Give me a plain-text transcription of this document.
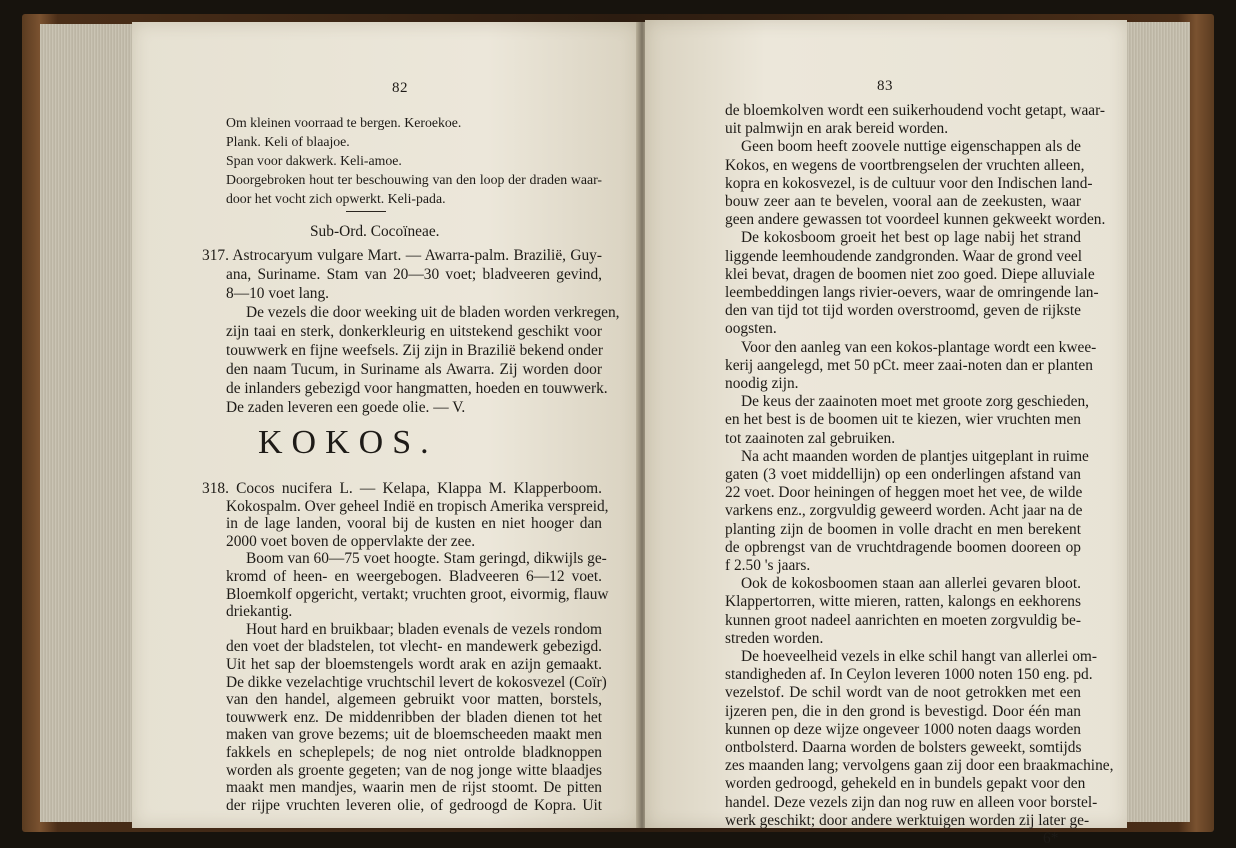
82
Om kleinen voorraad te bergen. Keroekoe.
Plank. Keli of blaajoe.
Span voor dakwerk. Keli-amoe.
Doorgebroken hout ter beschouwing van den loop der draden waar-
door het vocht zich opwerkt. Keli-pada.
Sub-Ord. Cocoïneae.
317. Astrocaryum vulgare Mart. — Awarra-palm. Brazilië, Guy-
ana, Suriname. Stam van 20—30 voet; bladveeren gevind,
8—10 voet lang.
De vezels die door weeking uit de bladen worden verkregen,
zijn taai en sterk, donkerkleurig en uitstekend geschikt voor
touwwerk en fijne weefsels. Zij zijn in Brazilië bekend onder
den naam Tucum, in Suriname als Awarra. Zij worden door
de inlanders gebezigd voor hangmatten, hoeden en touwwerk.
De zaden leveren een goede olie. — V.
KOKOS.
318. Cocos nucifera L. — Kelapa, Klappa M. Klapperboom.
Kokospalm. Over geheel Indië en tropisch Amerika verspreid,
in de lage landen, vooral bij de kusten en niet hooger dan
2000 voet boven de oppervlakte der zee.
Boom van 60—75 voet hoogte. Stam geringd, dikwijls ge-
kromd of heen- en weergebogen. Bladveeren 6—12 voet.
Bloemkolf opgericht, vertakt; vruchten groot, eivormig, flauw
driekantig.
Hout hard en bruikbaar; bladen evenals de vezels rondom
den voet der bladstelen, tot vlecht- en mandewerk gebezigd.
Uit het sap der bloemstengels wordt arak en azijn gemaakt.
De dikke vezelachtige vruchtschil levert de kokosvezel (Coïr)
van den handel, algemeen gebruikt voor matten, borstels,
touwwerk enz. De middenribben der bladen dienen tot het
maken van grove bezems; uit de bloemscheeden maakt men
fakkels en scheplepels; de nog niet ontrolde bladknoppen
worden als groente gegeten; van de nog jonge witte blaadjes
maakt men mandjes, waarin men de rijst stoomt. De pitten
der rijpe vruchten leveren olie, of gedroogd de Kopra. Uit
83
de bloemkolven wordt een suikerhoudend vocht getapt, waar-
uit palmwijn en arak bereid worden.
Geen boom heeft zoovele nuttige eigenschappen als de
Kokos, en wegens de voortbrengselen der vruchten alleen,
kopra en kokosvezel, is de cultuur voor den Indischen land-
bouw zeer aan te bevelen, vooral aan de zeekusten, waar
geen andere gewassen tot voordeel kunnen gekweekt worden.
De kokosboom groeit het best op lage nabij het strand
liggende leemhoudende zandgronden. Waar de grond veel
klei bevat, dragen de boomen niet zoo goed. Diepe alluviale
leembeddingen langs rivier-oevers, waar de omringende lan-
den van tijd tot tijd worden overstroomd, geven de rijkste
oogsten.
Voor den aanleg van een kokos-plantage wordt een kwee-
kerij aangelegd, met 50 pCt. meer zaai-noten dan er planten
noodig zijn.
De keus der zaainoten moet met groote zorg geschieden,
en het best is de boomen uit te kiezen, wier vruchten men
tot zaainoten zal gebruiken.
Na acht maanden worden de plantjes uitgeplant in ruime
gaten (3 voet middellijn) op een onderlingen afstand van
22 voet. Door heiningen of heggen moet het vee, de wilde
varkens enz., zorgvuldig geweerd worden. Acht jaar na de
planting zijn de boomen in volle dracht en men berekent
de opbrengst van de vruchtdragende boomen dooreen op
f 2.50 's jaars.
Ook de kokosboomen staan aan allerlei gevaren bloot.
Klappertorren, witte mieren, ratten, kalongs en eekhorens
kunnen groot nadeel aanrichten en moeten zorgvuldig be-
streden worden.
De hoeveelheid vezels in elke schil hangt van allerlei om-
standigheden af. In Ceylon leveren 1000 noten 150 eng. pd.
vezelstof. De schil wordt van de noot getrokken met een
ijzeren pen, die in den grond is bevestigd. Door één man
kunnen op deze wijze ongeveer 1000 noten daags worden
ontbolsterd. Daarna worden de bolsters geweekt, somtijds
zes maanden lang; vervolgens gaan zij door een braakmachine,
worden gedroogd, gehekeld en in bundels gepakt voor den
handel. Deze vezels zijn dan nog ruw en alleen voor borstel-
werk geschikt; door andere werktuigen worden zij later ge-
6*
